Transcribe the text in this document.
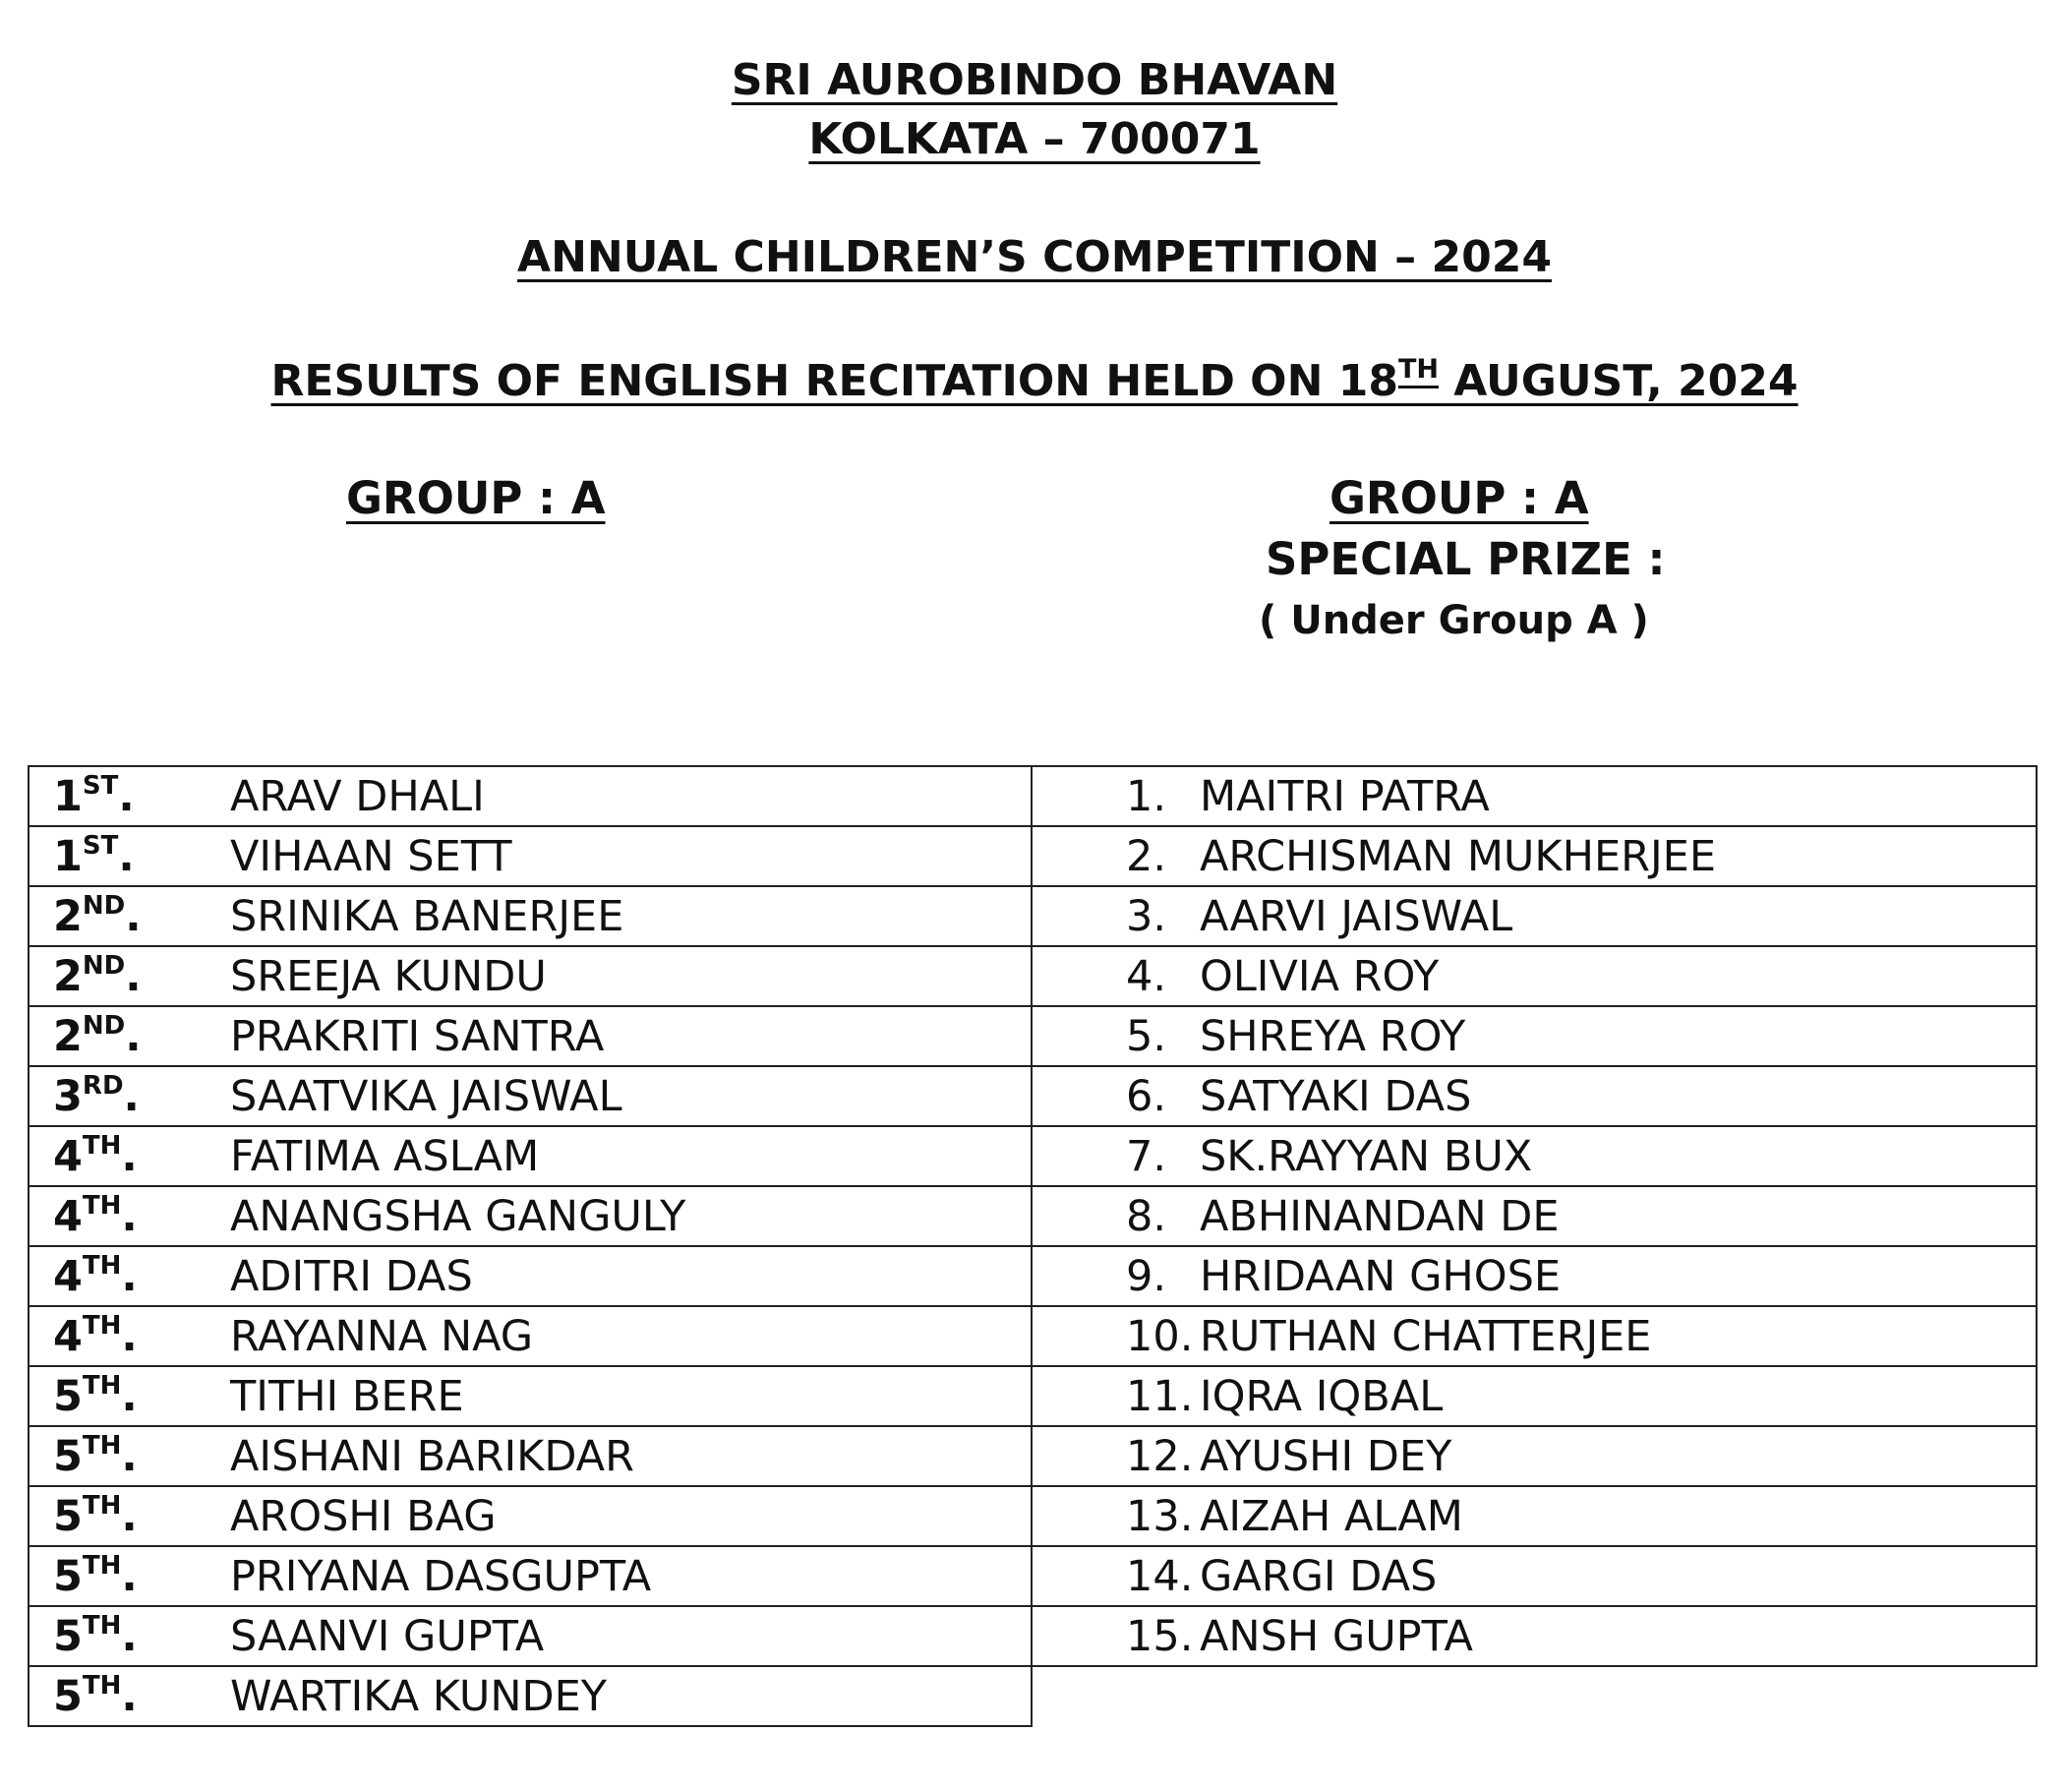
SRI AUROBINDO BHAVAN
KOLKATA – 700071
ANNUAL CHILDREN’S COMPETITION – 2024
RESULTS OF ENGLISH RECITATION HELD ON 18TH AUGUST, 2024
GROUP : A	GROUP : A
SPECIAL PRIZE :
( Under Group A )
1ST. ARAV DHALI
1ST. VIHAAN SETT
2ND. SRINIKA BANERJEE
2ND. SREEJA KUNDU
2ND. PRAKRITI SANTRA
3RD. SAATVIKA JAISWAL
4TH. FATIMA ASLAM
4TH. ANANGSHA GANGULY
4TH. ADITRI DAS
4TH. RAYANNA NAG
5TH. TITHI BERE
5TH. AISHANI BARIKDAR
5TH. AROSHI BAG
5TH. PRIYANA DASGUPTA
5TH. SAANVI GUPTA
5TH. WARTIKA KUNDEY
1. MAITRI PATRA
2. ARCHISMAN MUKHERJEE
3. AARVI JAISWAL
4. OLIVIA ROY
5. SHREYA ROY
6. SATYAKI DAS
7. SK.RAYYAN BUX
8. ABHINANDAN DE
9. HRIDAAN GHOSE
10. RUTHAN CHATTERJEE
11. IQRA IQBAL
12. AYUSHI DEY
13.AIZAH ALAM
14. GARGI DAS
15. ANSH GUPTA
